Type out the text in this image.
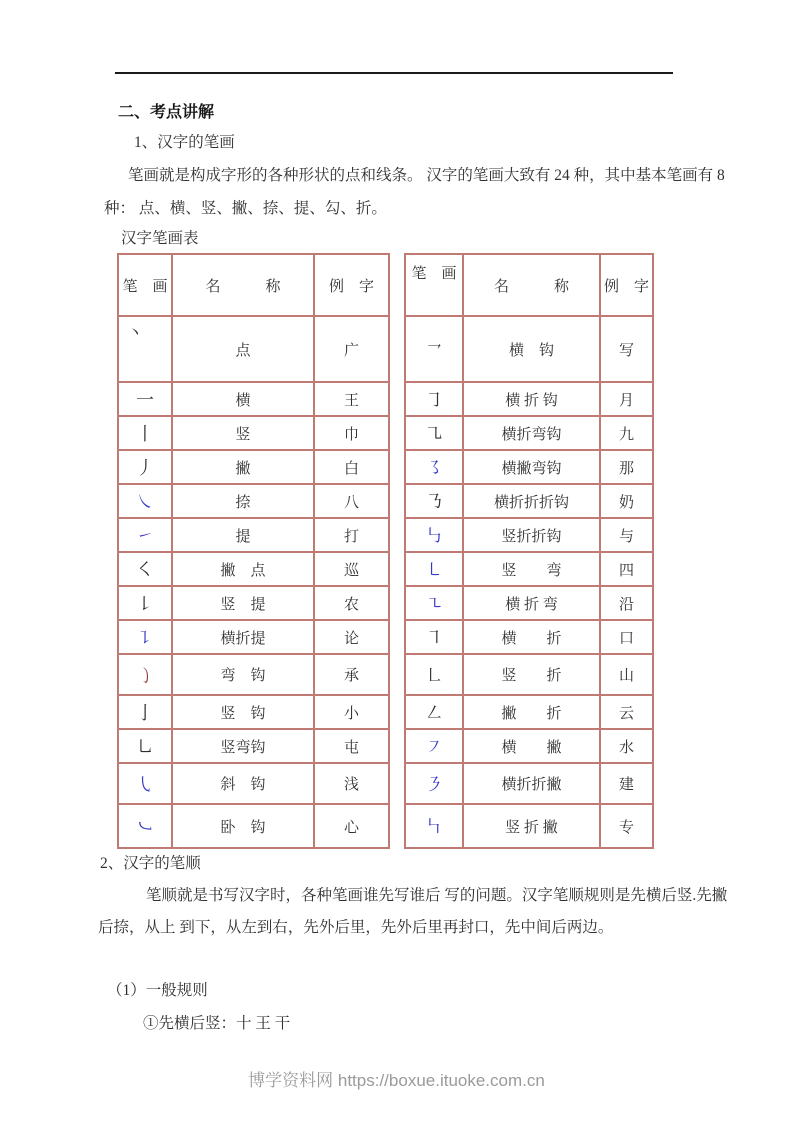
二、考点讲解
1、汉字的笔画
笔画就是构成字形的各种形状的点和线条。 汉字的笔画大致有 24 种，其中基本笔画有 8
种： 点、横、竖、撇、捺、提、勾、折。
汉字笔画表
笔　画	名　　　称	例　字
丶	点	广
一	横	王
丨	竖	巾
丿	撇	白
㇏	捺	八
㇀	提	打
㇛	撇　点	巡
㇙	竖　提	农
㇊	横折提	论
㇁	弯　钩	承
亅	竖　钩	小
㇟	竖弯钩	屯
㇂	斜　钩	浅
㇃	卧　钩	心
笔　画	名　　　称	例　字
㇖	横　钩	写
㇆	横 折 钩	月
㇈	横折弯钩	九
㇌	横撇弯钩	那
㇡	横折折折钩	奶
㇉	竖折折钩	与
㇄	竖　　弯	四
㇍	横 折 弯	沿
㇕	横　　折	口
㇗	竖　　折	山
㇜	撇　　折	云
㇇	横　　撇	水
㇋	横折折撇	建
㇞	竖 折 撇	专
2、汉字的笔顺
笔顺就是书写汉字时，各种笔画谁先写谁后 写的问题。汉字笔顺规则是先横后竖.先撇
后捺，从上 到下，从左到右，先外后里，先外后里再封口，先中间后两边。
（1）一般规则
①先横后竖：十 王 干
博学资料网 https://boxue.ituoke.com.cn
